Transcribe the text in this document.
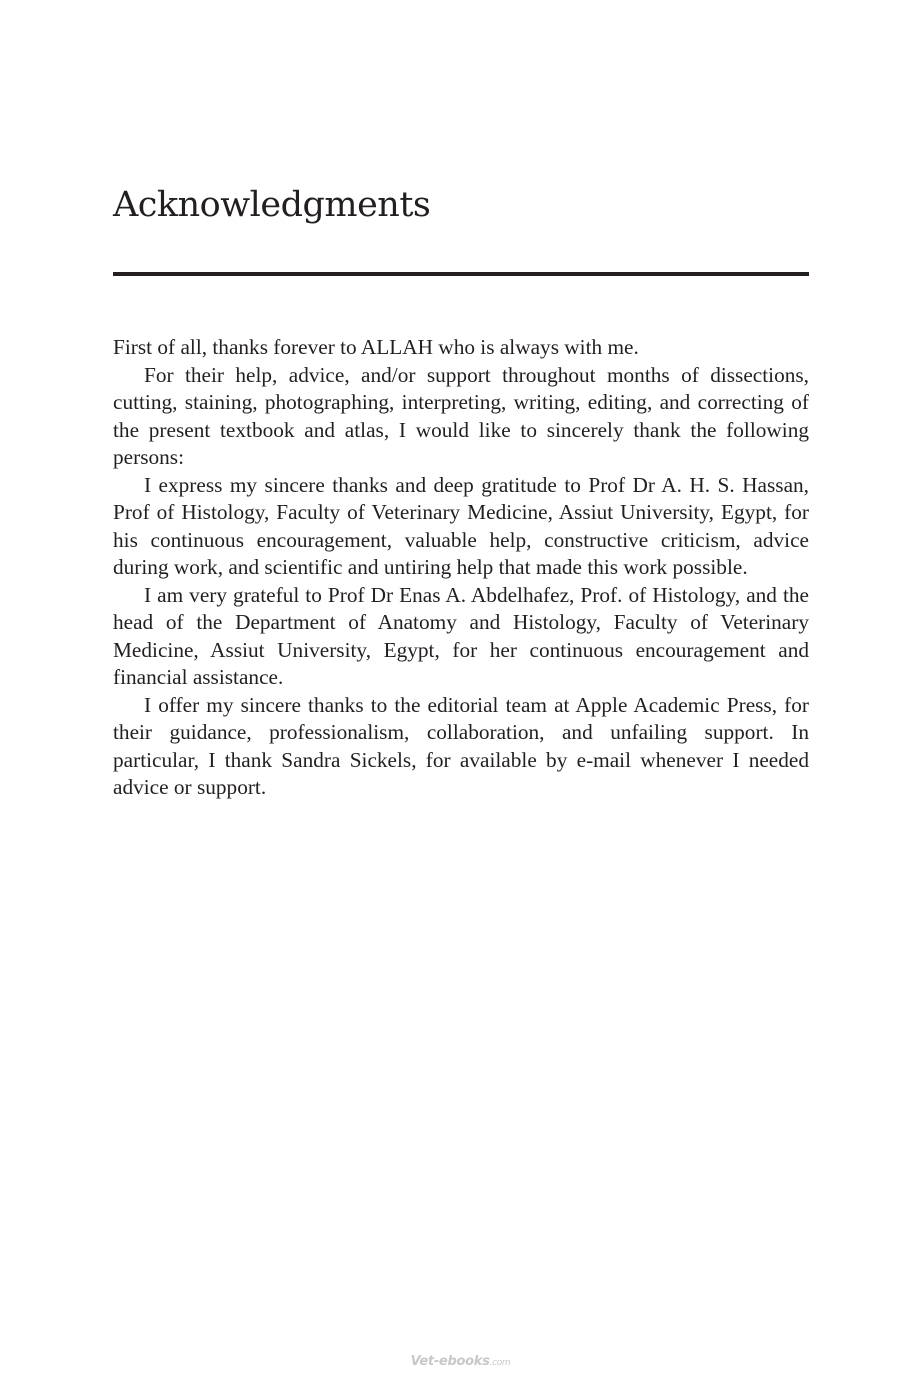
Acknowledgments

First of all, thanks forever to ALLAH who is always with me.

For their help, advice, and/or support throughout months of dissections, cutting, staining, photographing, interpreting, writing, editing, and correcting of the present textbook and atlas, I would like to sincerely thank the following persons:

I express my sincere thanks and deep gratitude to Prof Dr A. H. S. Hassan, Prof of Histology, Faculty of Veterinary Medicine, Assiut University, Egypt, for his continuous encouragement, valuable help, constructive criticism, advice during work, and scientific and untiring help that made this work possible.

I am very grateful to Prof Dr Enas A. Abdelhafez, Prof. of Histology, and the head of the Department of Anatomy and Histology, Faculty of Veterinary Medicine, Assiut University, Egypt, for her continuous encouragement and financial assistance.

I offer my sincere thanks to the editorial team at Apple Academic Press, for their guidance, professionalism, collaboration, and unfailing support. In particular, I thank Sandra Sickels, for available by e-mail whenever I needed advice or support.

Vet-ebooks.com
